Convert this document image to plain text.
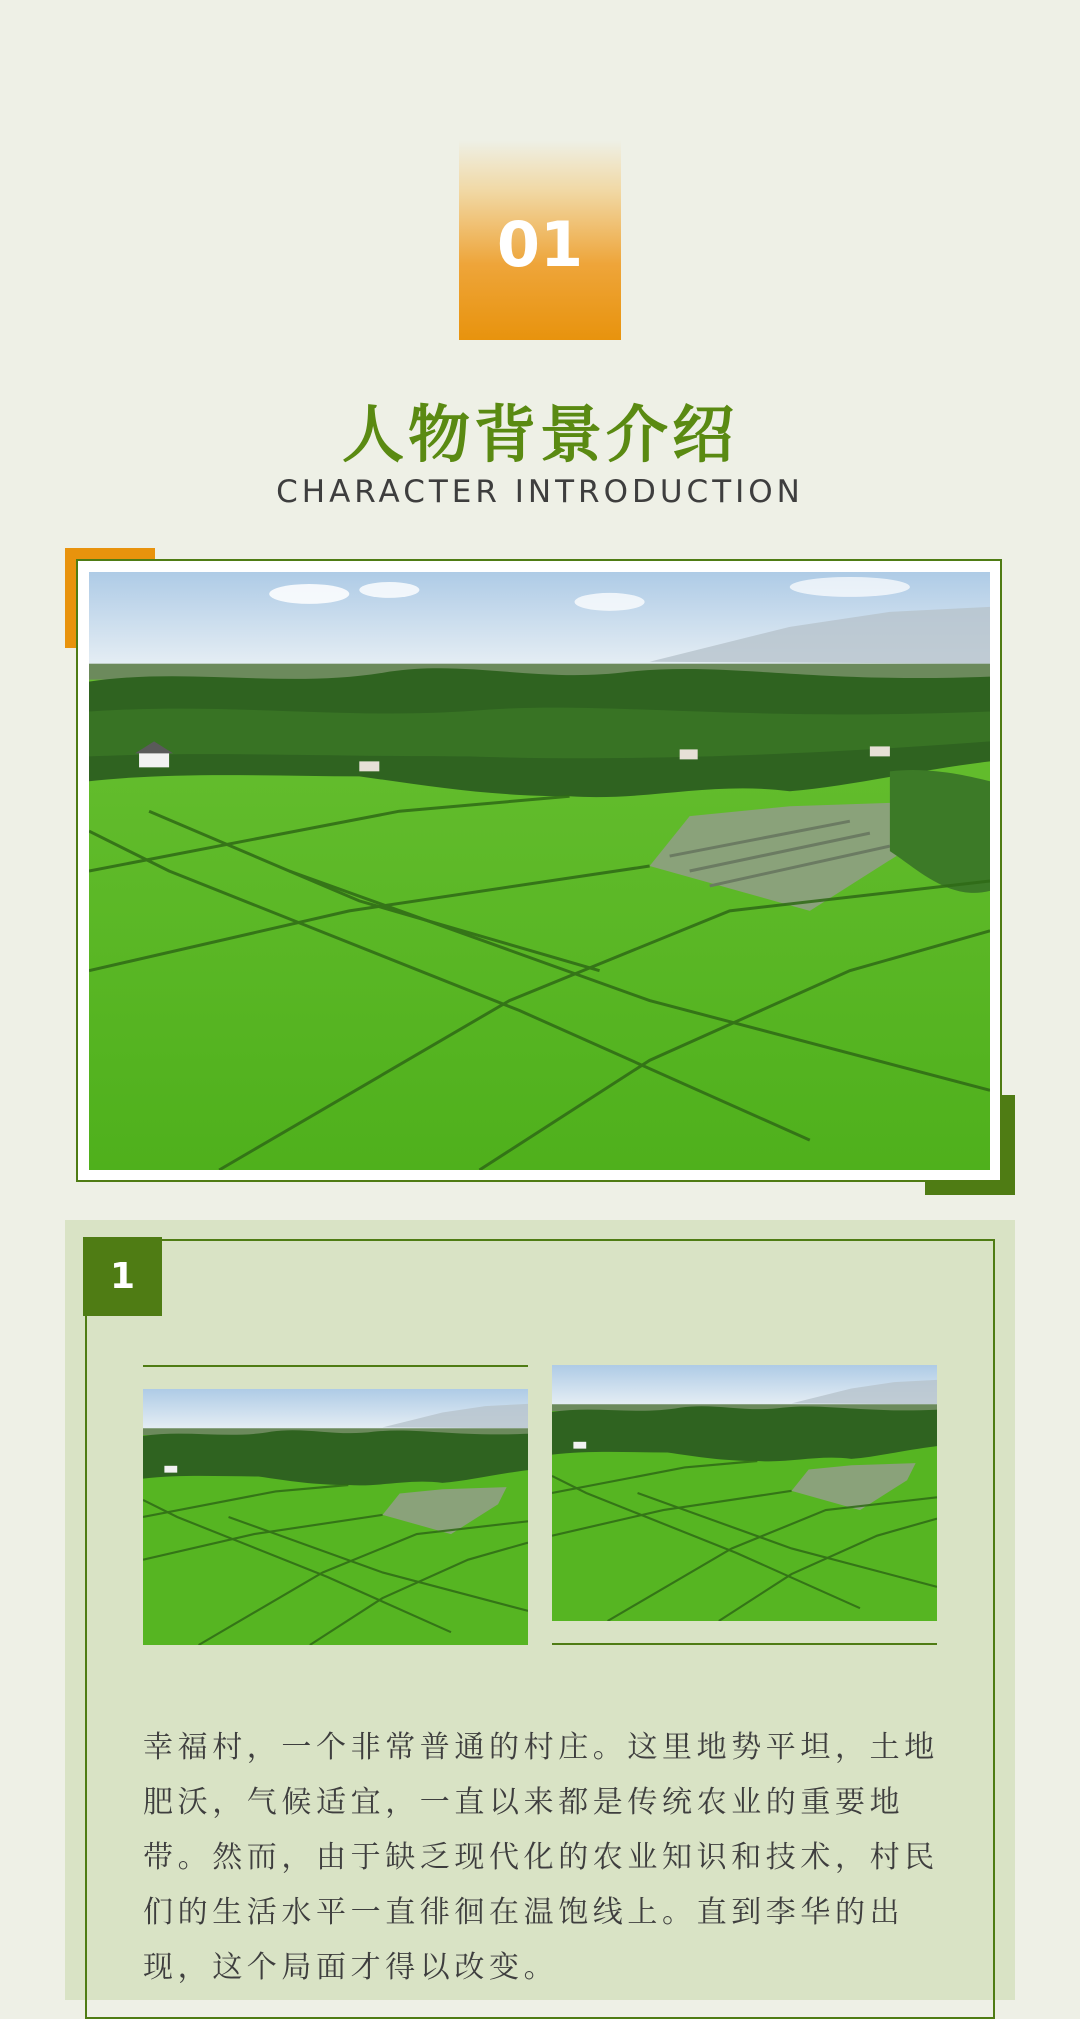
01
人物背景介绍
CHARACTER INTRODUCTION
1

幸福村，一个非常普通的村庄。这里地势平坦，土地肥沃，气候适宜，一直以来都是传统农业的重要地带。然而，由于缺乏现代化的农业知识和技术，村民们的生活水平一直徘徊在温饱线上。直到李华的出现，这个局面才得以改变。
